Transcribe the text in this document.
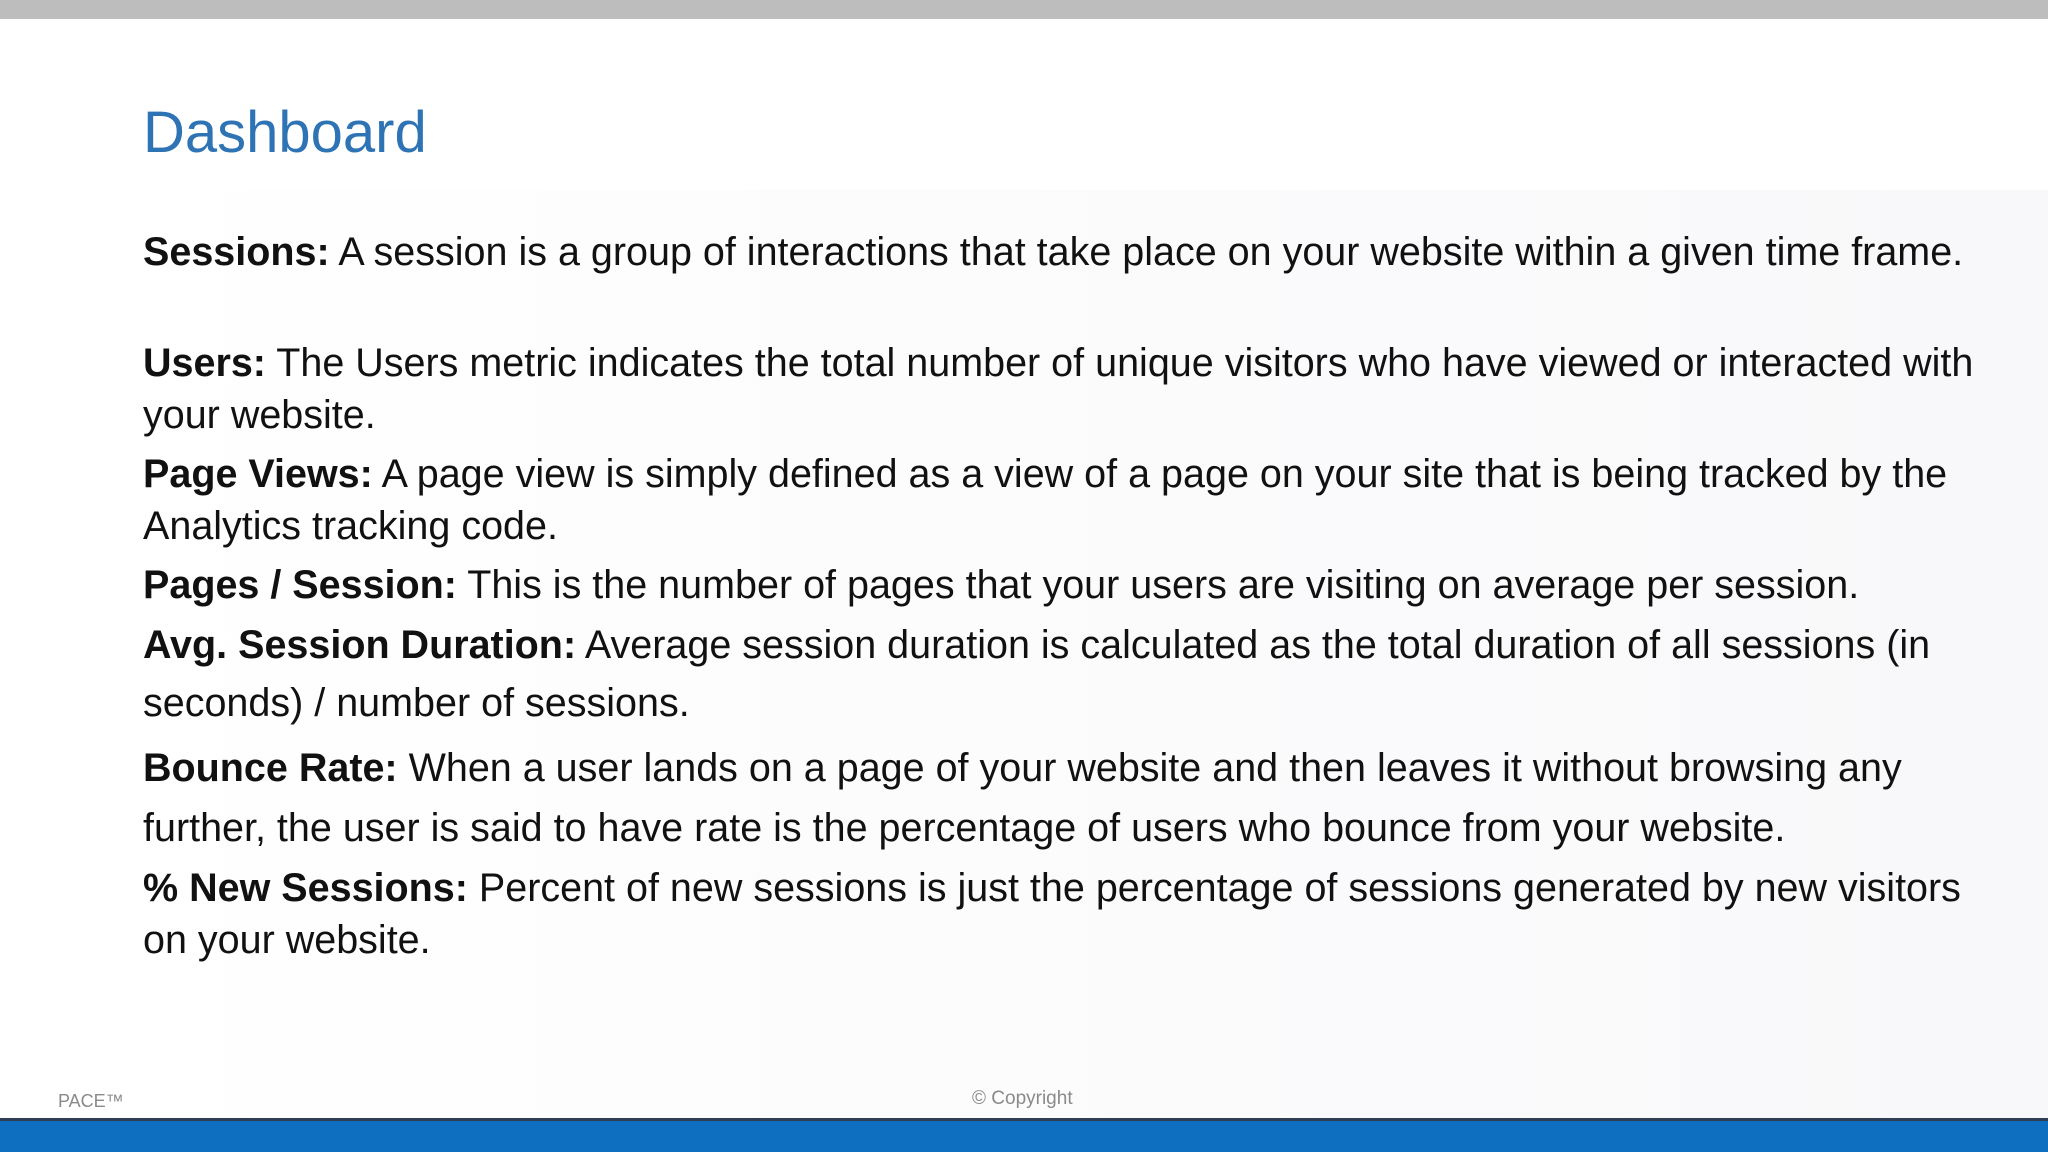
Dashboard
Sessions: A session is a group of interactions that take place on your website within a given time frame.
Users: The Users metric indicates the total number of unique visitors who have viewed or interacted with your website.
Page Views: A page view is simply defined as a view of a page on your site that is being tracked by the Analytics tracking code.
Pages / Session: This is the number of pages that your users are visiting on average per session.
Avg. Session Duration: Average session duration is calculated as the total duration of all sessions (in seconds) / number of sessions.
Bounce Rate: When a user lands on a page of your website and then leaves it without browsing any further, the user is said to have rate is the percentage of users who bounce from your website.
% New Sessions: Percent of new sessions is just the percentage of sessions generated by new visitors on your website.
PACE™	© Copyright
